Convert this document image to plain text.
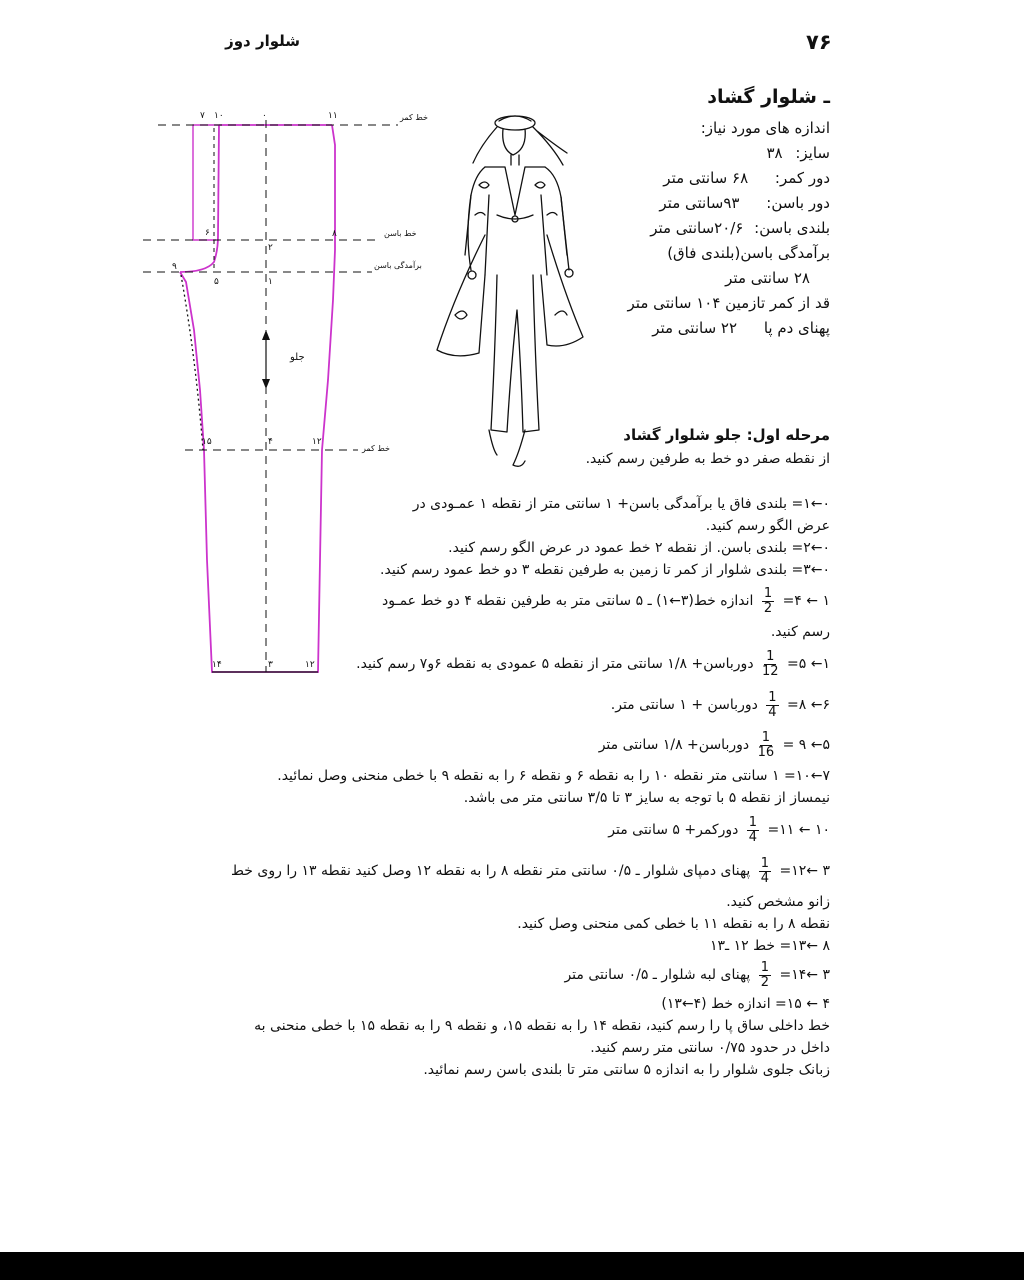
۷۶
شلوار دوز
۷ ۱۰	۰	۱۱
۶	۸
۲
۹
۵	۱
۱۵	۴	۱۲
۱۴	۳	۱۲
خط کمر
خط باسن
برآمدگی باسن
خط کمر
جلو
ـ شلوار گشاد
اندازه های مورد نیاز:
سایز: ۳۸
دور کمر: ۶۸ سانتی متر
دور باسن: ۹۳سانتی متر
بلندی باسن: ۲۰/۶سانتی متر
برآمدگی باسن(بلندی فاق)
۲۸ سانتی متر
قد از کمر تازمین ۱۰۴ سانتی متر
پهنای دم پا ۲۲ سانتی متر
مرحله اول: جلو شلوار گشاد
از نقطه صفر دو خط به طرفین رسم کنید.
۰←۱= بلندی فاق یا برآمدگی باسن+ ۱ سانتی متر از نقطه ۱ عمـودی در
عرض الگو رسم کنید.
۰←۲= بلندی باسن. از نقطه ۲ خط عمود در عرض الگو رسم کنید.
۰←۳= بلندی شلوار از کمر تا زمین به طرفین نقطه ۳ دو خط عمود رسم کنید.
۱ ← ۴=
$\frac{1}{2}$
اندازه خط(۳←۱) ـ ۵ سانتی متر به طرفین نقطه ۴ دو خط عمـود
رسم کنید.
۱← ۵=
$\frac{1}{12}$
دورباسن+ ۱/۸ سانتی متر از نقطه ۵ عمودی به نقطه ۶و۷ رسم کنید.
۶← ۸=
$\frac{1}{4}$
دورباسن + ۱ سانتی متر.
۵← ۹ =
$\frac{1}{16}$
دورباسن+ ۱/۸ سانتی متر
۷←۱۰= ۱ سانتی متر نقطه ۱۰ را به نقطه ۶ و نقطه ۶ را به نقطه ۹ با خطی منحنی وصل نمائید.
نیمساز از نقطه ۵ با توجه به سایز ۳ تا ۳/۵ سانتی متر می باشد.
۱۰ ← ۱۱=
$\frac{1}{4}$
دورکمر+ ۵ سانتی متر
۳ ←۱۲=
$\frac{1}{4}$
پهنای دمپای شلوار ـ ۰/۵ سانتی متر نقطه ۸ را به نقطه ۱۲ وصل کنید نقطه ۱۳ را روی خط
زانو مشخص کنید.
نقطه ۸ را به نقطه ۱۱ با خطی کمی منحنی وصل کنید.
۸ ←۱۳= خط ۱۲ ـ۱۳
۳ ←۱۴=
$\frac{1}{2}$
پهنای لبه شلوار ـ ۰/۵ سانتی متر
۴ ← ۱۵= اندازه خط (۴←۱۳)
خط داخلی ساق پا را رسم کنید، نقطه ۱۴ را به نقطه ۱۵، و نقطه ۹ را به نقطه ۱۵ با خطی منحنی به
داخل در حدود ۰/۷۵ سانتی متر رسم کنید.
زبانک جلوی شلوار را به اندازه ۵ سانتی متر تا بلندی باسن رسم نمائید.
